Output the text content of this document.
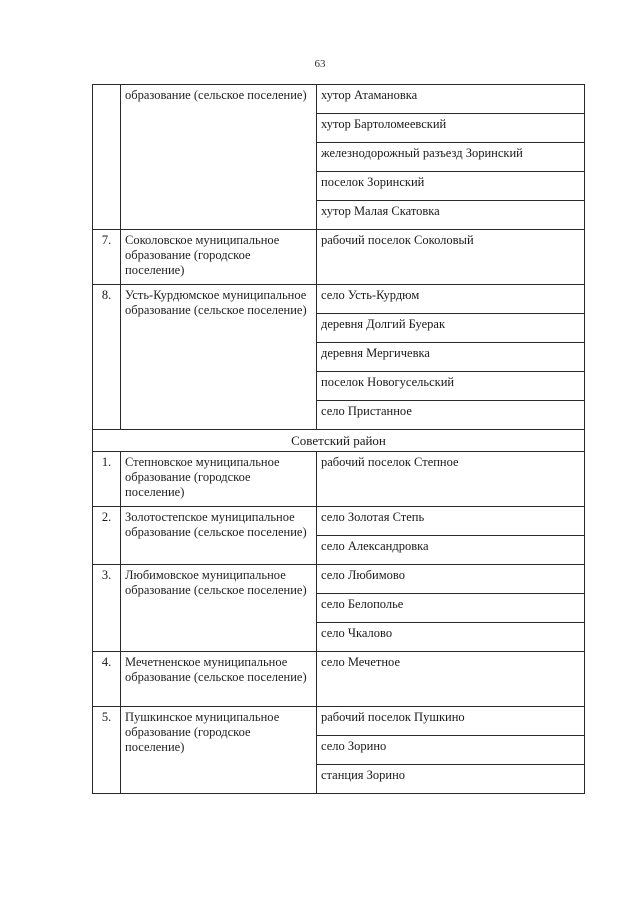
63
	образование (сельское поселение)	хутор Атамановка
		хутор Бартоломеевский
		железнодорожный разъезд Зоринский
		поселок Зоринский
		хутор Малая Скатовка
7.	Соколовское муниципальное образование (городское поселение)	рабочий поселок Соколовый
8.	Усть-Курдюмское муниципальное образование (сельское поселение)	село Усть-Курдюм
		деревня Долгий Буерак
		деревня Мергичевка
		поселок Новогусельский
		село Пристанное
Советский район		
1.	Степновское муниципальное образование (городское поселение)	рабочий поселок Степное
2.	Золотостепское муниципальное образование (сельское поселение)	село Золотая Степь
		село Александровка
3.	Любимовское муниципальное образование (сельское поселение)	село Любимово
		село Белополье
		село Чкалово
4.	Мечетненское муниципальное образование (сельское поселение)	село Мечетное
5.	Пушкинское муниципальное образование (городское поселение)	рабочий поселок Пушкино
		село Зорино
		станция Зорино
